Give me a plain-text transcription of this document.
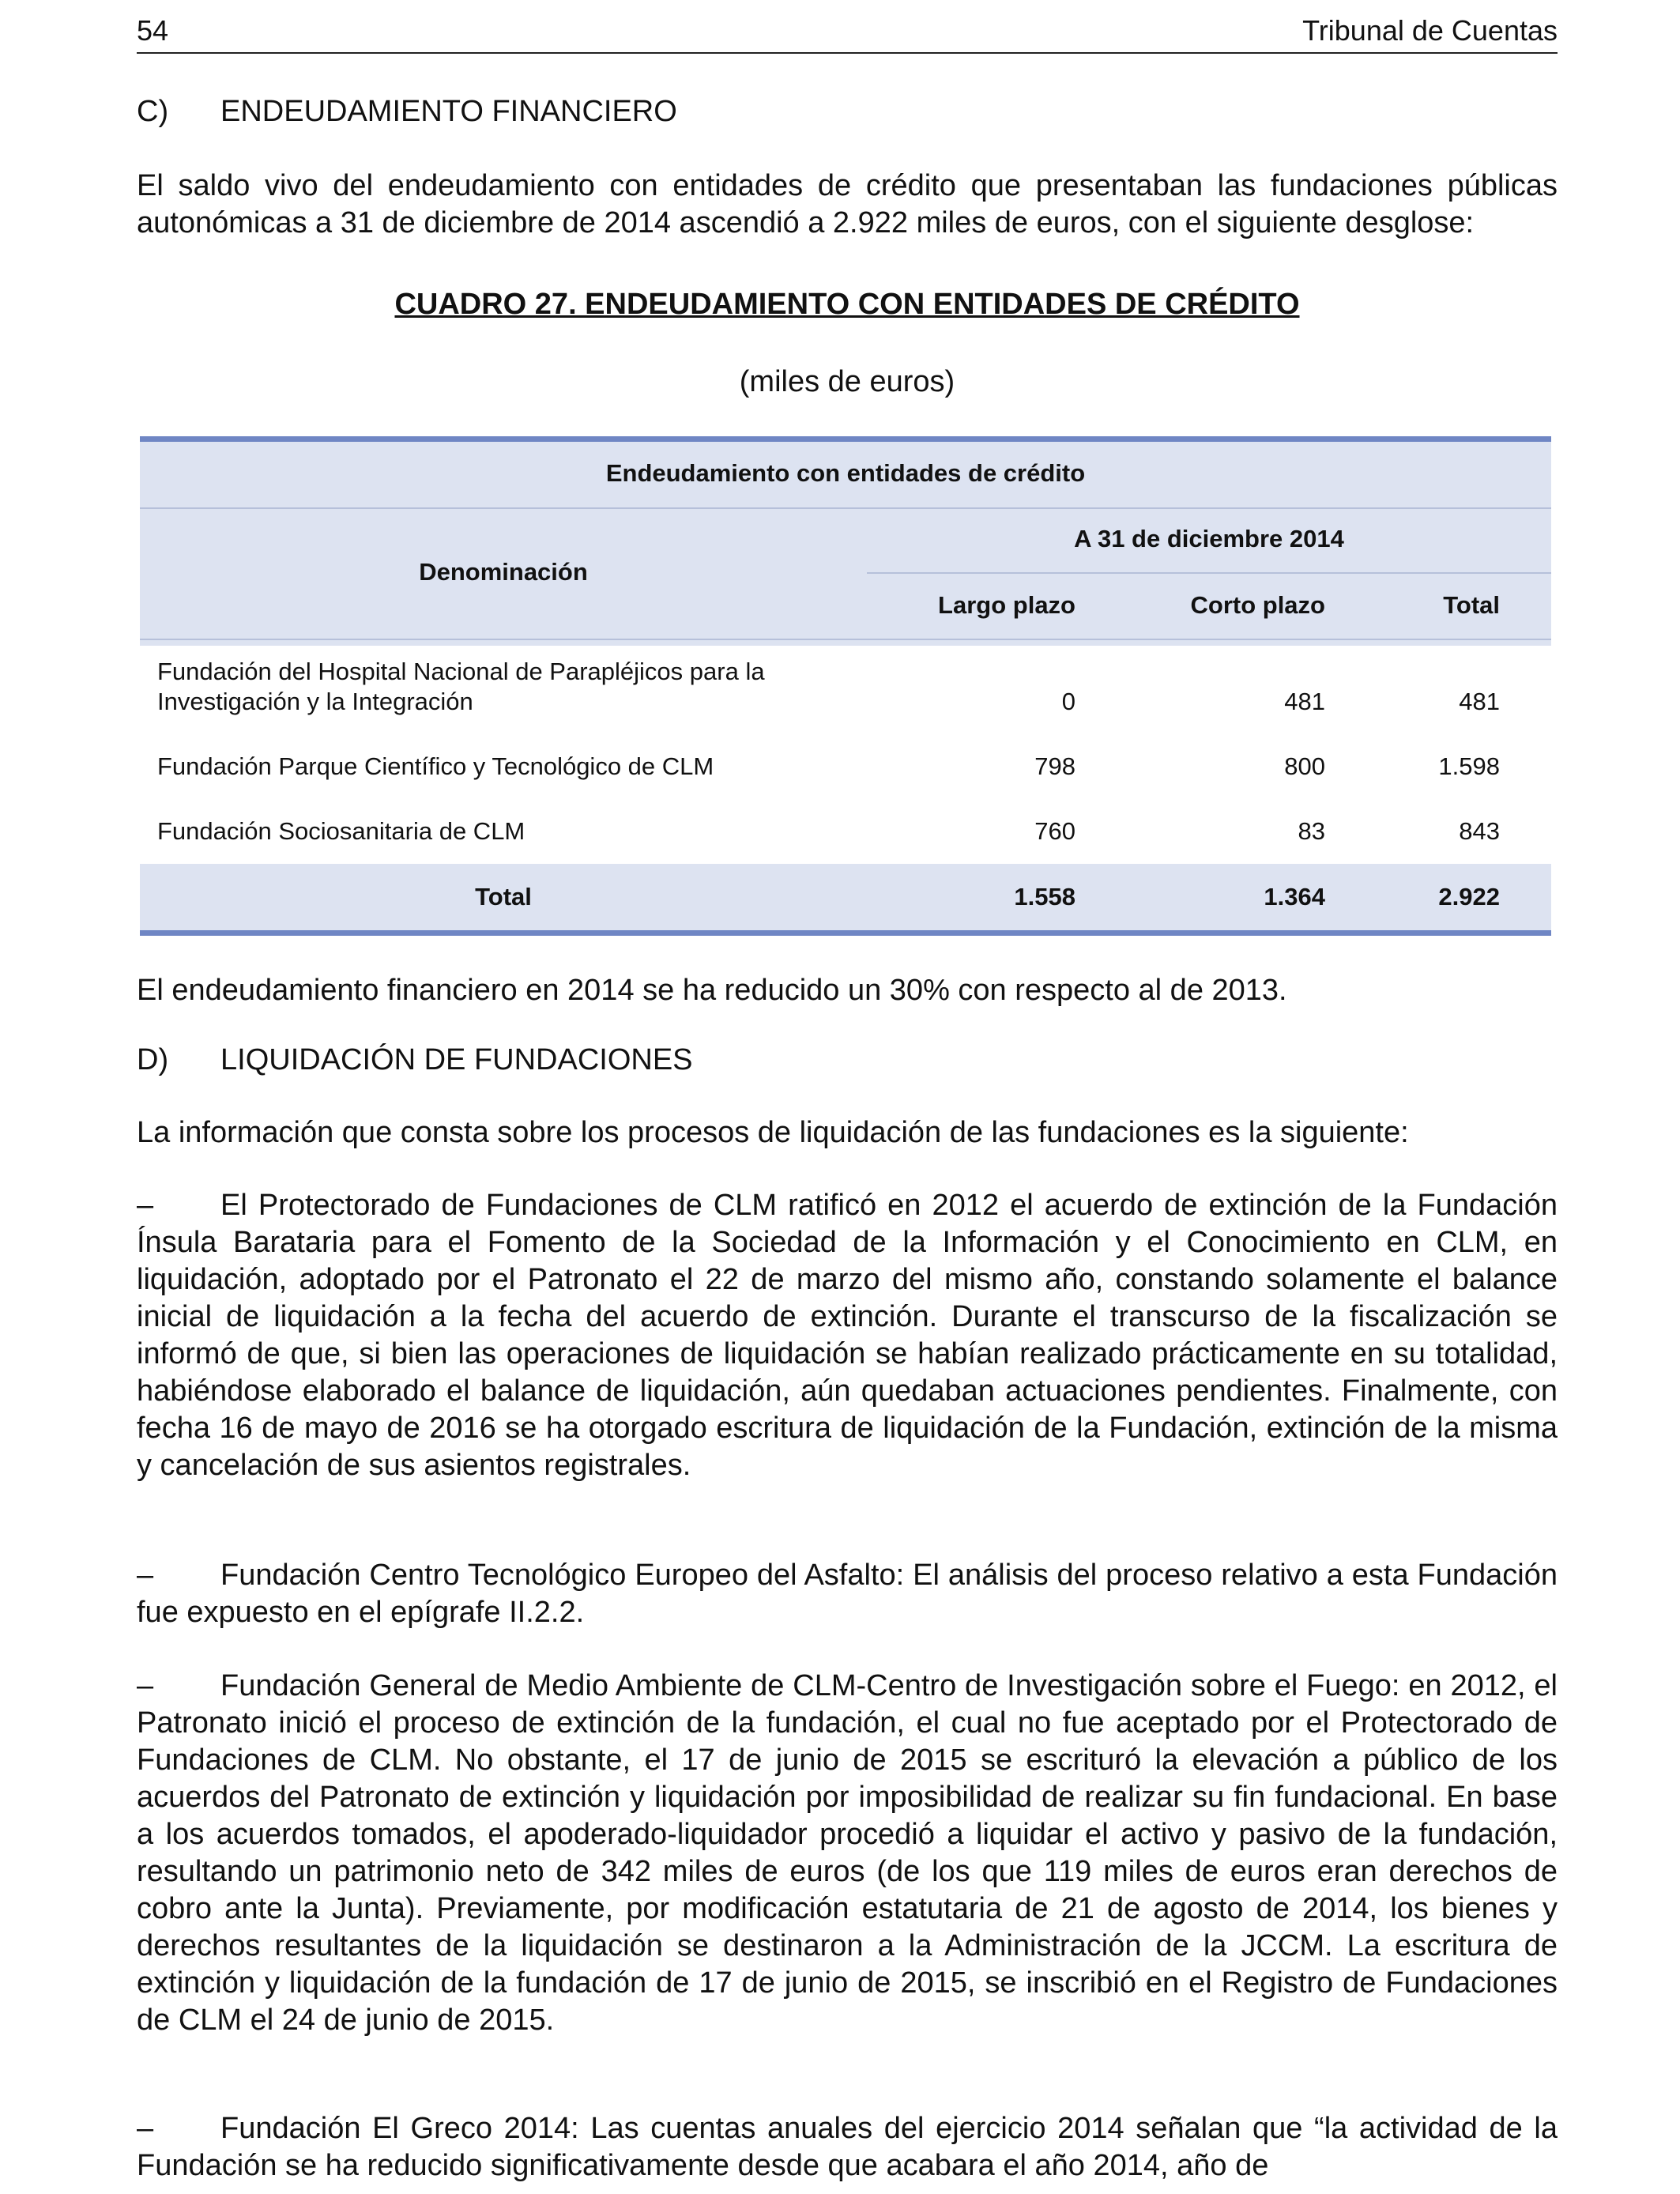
54	Tribunal de Cuentas
C) ENDEUDAMIENTO FINANCIERO
El saldo vivo del endeudamiento con entidades de crédito que presentaban las fundaciones públicas autonómicas a 31 de diciembre de 2014 ascendió a 2.922 miles de euros, con el siguiente desglose:
CUADRO 27. ENDEUDAMIENTO CON ENTIDADES DE CRÉDITO
(miles de euros)
Endeudamiento con entidades de crédito
Denominación
A 31 de diciembre 2014
Largo plazo	Corto plazo	Total
Fundación del Hospital Nacional de Parapléjicos para la
Investigación y la Integración	0	481	481
Fundación Parque Científico y Tecnológico de CLM	798	800	1.598
Fundación Sociosanitaria de CLM	760	83	843
Total	1.558	1.364	2.922
El endeudamiento financiero en 2014 se ha reducido un 30% con respecto al de 2013.
D) LIQUIDACIÓN DE FUNDACIONES
La información que consta sobre los procesos de liquidación de las fundaciones es la siguiente:
– El Protectorado de Fundaciones de CLM ratificó en 2012 el acuerdo de extinción de la Fundación Ínsula Barataria para el Fomento de la Sociedad de la Información y el Conocimiento en CLM, en liquidación, adoptado por el Patronato el 22 de marzo del mismo año, constando solamente el balance inicial de liquidación a la fecha del acuerdo de extinción. Durante el transcurso de la fiscalización se informó de que, si bien las operaciones de liquidación se habían realizado prácticamente en su totalidad, habiéndose elaborado el balance de liquidación, aún quedaban actuaciones pendientes. Finalmente, con fecha 16 de mayo de 2016 se ha otorgado escritura de liquidación de la Fundación, extinción de la misma y cancelación de sus asientos registrales.
– Fundación Centro Tecnológico Europeo del Asfalto: El análisis del proceso relativo a esta Fundación fue expuesto en el epígrafe II.2.2.
– Fundación General de Medio Ambiente de CLM-Centro de Investigación sobre el Fuego: en 2012, el Patronato inició el proceso de extinción de la fundación, el cual no fue aceptado por el Protectorado de Fundaciones de CLM. No obstante, el 17 de junio de 2015 se escrituró la elevación a público de los acuerdos del Patronato de extinción y liquidación por imposibilidad de realizar su fin fundacional. En base a los acuerdos tomados, el apoderado-liquidador procedió a liquidar el activo y pasivo de la fundación, resultando un patrimonio neto de 342 miles de euros (de los que 119 miles de euros eran derechos de cobro ante la Junta). Previamente, por modificación estatutaria de 21 de agosto de 2014, los bienes y derechos resultantes de la liquidación se destinaron a la Administración de la JCCM. La escritura de extinción y liquidación de la fundación de 17 de junio de 2015, se inscribió en el Registro de Fundaciones de CLM el 24 de junio de 2015.
– Fundación El Greco 2014: Las cuentas anuales del ejercicio 2014 señalan que “la actividad de la Fundación se ha reducido significativamente desde que acabara el año 2014, año de
